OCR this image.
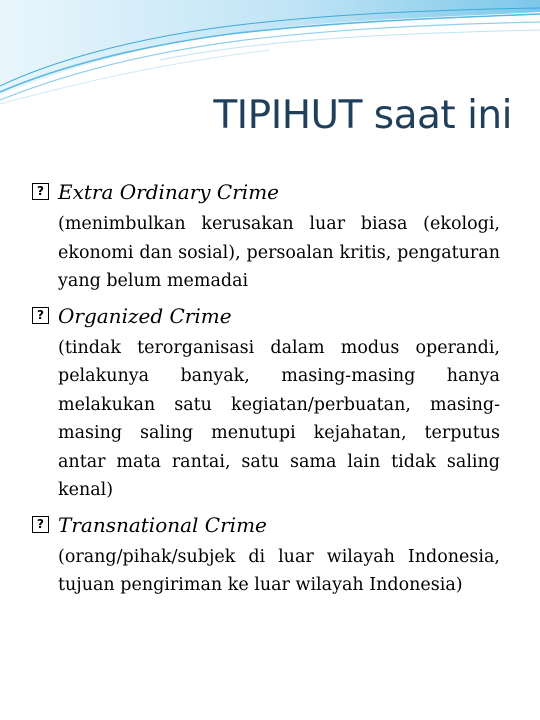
TIPIHUT saat ini
?
Extra Ordinary Crime
(menimbulkan kerusakan luar biasa (ekologi, ekonomi dan sosial), persoalan kritis, pengaturan yang belum memadai
?
Organized Crime
(tindak terorganisasi dalam modus operandi, pelakunya banyak, masing-masing hanya melakukan satu kegiatan/perbuatan, masing-masing saling menutupi kejahatan, terputus antar mata rantai, satu sama lain tidak saling kenal)
?
Transnational Crime
(orang/pihak/subjek di luar wilayah Indonesia, tujuan pengiriman ke luar wilayah Indonesia)
